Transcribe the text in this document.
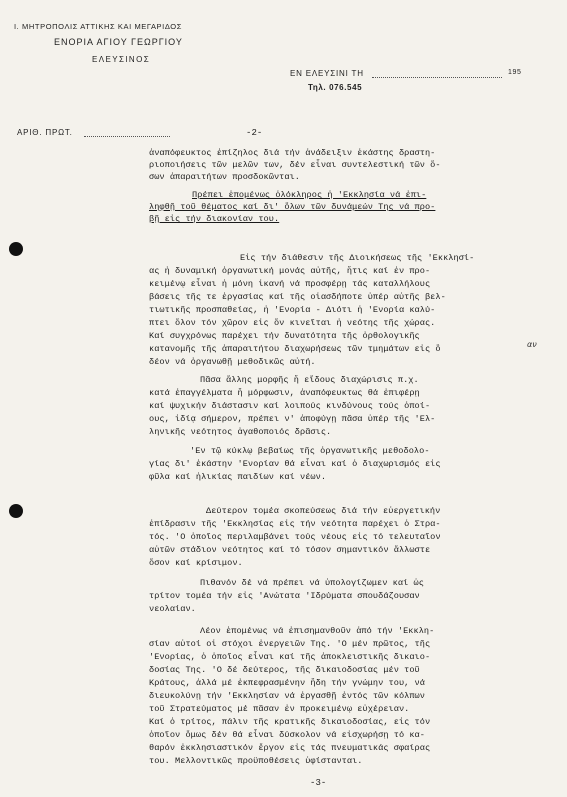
Ι. ΜΗΤΡΟΠΟΛΙΣ ΑΤΤΙΚΗΣ ΚΑΙ ΜΕΓΑΡΙΔΟΣ
ΕΝΟΡΙΑ ΑΓΙΟΥ ΓΕΩΡΓΙΟΥ
ΕΛΕΥΣΙΝΟΣ
ΕΝ ΕΛΕΥΣΙΝΙ ΤΗ	195
Τηλ. 076.545
ΑΡΙΘ. ΠΡΩΤ.	-2-
ἀναπόφευκτος ἐπίζηλος διά τήν ἀνάδειξιν ἑκάστης δραστη-
ριοποιήσεις τῶν μελῶν των, δέν εἶναι συντελεστική τῶν ὅ-
σων ἀπαραιτήτων προσδοκῶνται.
Πρέπει ἑπομένως ὁλόκληρος ἡ 'Εκκλησία νά ἐπι-
ληφθῇ τοῦ θέματος καί δι' ὅλων τῶν δυνάμεών Της νά προ-
βῇ εἰς τήν διακονίαν του.
Εἰς τήν διάθεσιν τῆς Διοικήσεως τῆς 'Εκκλησί-
ας ἡ δυναμική ὀργανωτική μονάς αὐτῆς, ἥτις καί ἐν προ-
κειμένῳ εἶναι ἡ μόνη ἱκανή νά προσφέρῃ τάς καταλλήλους
βάσεις τῆς τε ἐργασίας καί τῆς οἱασδήποτε ὑπέρ αὐτῆς βελ-
τιωτικῆς προσπαθείας, ἡ 'Ενορία - Διότι ἡ 'Ενορία καλύ-
πτει ὅλον τόν χῶρον εἰς ὅν κινεῖται ἡ νεότης τῆς χώρας.
Καί συγχρόνως παρέχει τήν δυνατότητα τῆς ὀρθολογικῆς
κατανομῆς τῆς ἀπαραιτήτου διαχωρήσεως τῶν τμημάτων εἰς ὃ
δέον νά ὀργανωθῇ μεθοδικῶς αὐτή.
αν
Πᾶσα ἄλλης μορφῆς ἤ εἴδους διαχώρισις π.χ.
κατά ἐπαγγέλματα ἤ μόρφωσιν, ἀναπόφευκτως θά ἐπιφέρῃ
καί ψυχικήν διάστασιν καί λοιπούς κινδύνους τούς ὁποί-
ους, ἰδίᾳ σήμερον, πρέπει ν' ἀποφύγῃ πᾶσα ὑπέρ τῆς 'Ελ-
ληνικῆς νεότητος ἀγαθοποιός δρᾶσις.
'Εν τῷ κύκλῳ βεβαίως τῆς ὀργανωτικῆς μεθοδολο-
γίας δι' ἑκάστην 'Ενορίαν θά εἶναι καί ὁ διαχωρισμός εἰς
φῦλα καί ἡλικίας παιδίων καί νέων.
Δεύτερον τομέα σκοπεύσεως διά τήν εὐεργετικήν
ἐπίδρασιν τῆς 'Εκκλησίας εἰς τήν νεότητα παρέχει ὁ Στρα-
τός. 'Ο ὁποῖος περιλαμβάνει τούς νέους εἰς τό τελευταῖον
αὐτῶν στάδιον νεότητος καί τό τόσον σημαντικόν ἄλλωστε
ὅσον καί κρίσιμον.
Πιθανόν δέ νά πρέπει νά ὑπολογίζωμεν καί ὡς
τρίτον τομέα τήν εἰς 'Ανώτατα 'Ιδρύματα σπουδάζουσαν
νεολαίαν.
Λέον ἑπομένως νά ἐπισημανθοῦν ἀπό τήν 'Εκκλη-
σίαν αὐτοί οἱ στόχοι ἐνεργειῶν Της. 'Ο μέν πρῶτος, τῆς
'Ενορίας, ὁ ὁποῖος εἶναι καί τῆς ἀποκλειστικῆς δικαιο-
δοσίας Της. 'Ο δέ δεύτερος, τῆς δικαιοδοσίας μέν τοῦ
Κράτους, ἀλλά μέ ἐκπεφρασμένην ἤδη τήν γνώμην του, νά
διευκολύνῃ τήν 'Εκκλησίαν νά ἐργασθῇ ἐντός τῶν κόλπων
τοῦ Στρατεύματος μέ πᾶσαν ἐν προκειμένῳ εὐχέρειαν.
Καί ὁ τρίτος, πάλιν τῆς κρατικῆς δικαιοδοσίας, εἰς τόν
ὁποῖον ὅμως δέν θά εἶναι δύσκολον νά εἰσχωρήσῃ τό κα-
θαρόν ἐκκλησιαστικόν ἔργον εἰς τάς πνευματικάς σφαίρας
του. Μελλοντικῶς προϋποθέσεις ὑφίστανται.
-3-
